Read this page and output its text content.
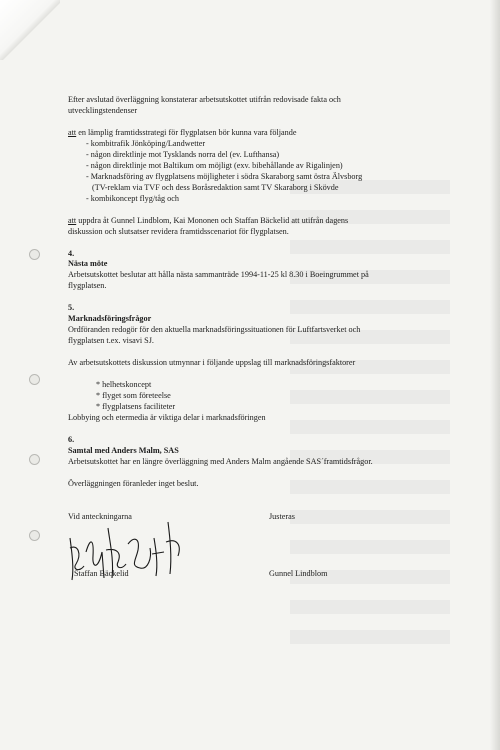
Efter avslutad överläggning konstaterar arbetsutskottet utifrån redovisade fakta och
utvecklingstendenser
att en lämplig framtidsstrategi för flygplatsen bör kunna vara följande
- kombitrafik Jönköping/Landwetter
- någon direktlinje mot Tysklands norra del (ev. Lufthansa)
- någon direktlinje mot Baltikum om möjligt (exv. bibehållande av Rigalinjen)
- Marknadsföring av flygplatsens möjligheter i södra Skaraborg samt östra Älvsborg
(TV-reklam via TVF och dess Boråsredaktion samt TV Skaraborg i Skövde
- kombikoncept flyg/tåg och
att uppdra åt Gunnel Lindblom, Kai Mononen och Staffan Bäckelid att utifrån dagens
diskussion och slutsatser revidera framtidsscenariot för flygplatsen.
4.
Nästa möte
Arbetsutskottet beslutar att hålla nästa sammanträde 1994-11-25 kl 8.30 i Boeingrummet på
flygplatsen.
5.
Marknadsföringsfrågor
Ordföranden redogör för den aktuella marknadsföringssituationen för Luftfartsverket och
flygplatsen t.ex. visavi SJ.
Av arbetsutskottets diskussion utmynnar i följande uppslag till marknadsföringsfaktorer
* helhetskoncept
* flyget som företeelse
* flygplatsens faciliteter
Lobbying och etermedia är viktiga delar i marknadsföringen
6.
Samtal med Anders Malm, SAS
Arbetsutskottet har en längre överläggning med Anders Malm angående SAS´framtidsfrågor.
Överläggningen föranleder inget beslut.
Vid anteckningarna	Justeras
Staffan Bäckelid	Gunnel Lindblom
